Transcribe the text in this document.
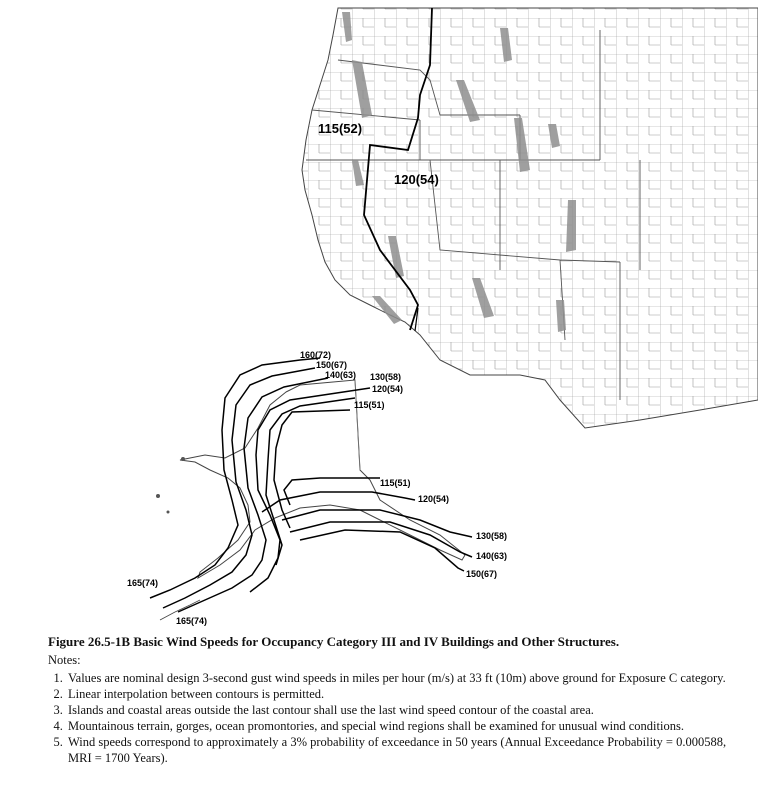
115(52)
120(54)
160(72)
150(67)
140(63) 130(58)
120(54)
115(51)
115(51)
120(54)
130(58)
140(63)
150(67)
165(74)
165(74)

Figure 26.5-1B Basic Wind Speeds for Occupancy Category III and IV Buildings and Other Structures.

Notes:

1. Values are nominal design 3-second gust wind speeds in miles per hour (m/s) at 33 ft (10m) above ground for Exposure C category.
2. Linear interpolation between contours is permitted.
3. Islands and coastal areas outside the last contour shall use the last wind speed contour of the coastal area.
4. Mountainous terrain, gorges, ocean promontories, and special wind regions shall be examined for unusual wind conditions.
5. Wind speeds correspond to approximately a 3% probability of exceedance in 50 years (Annual Exceedance Probability = 0.000588, MRI = 1700 Years).
